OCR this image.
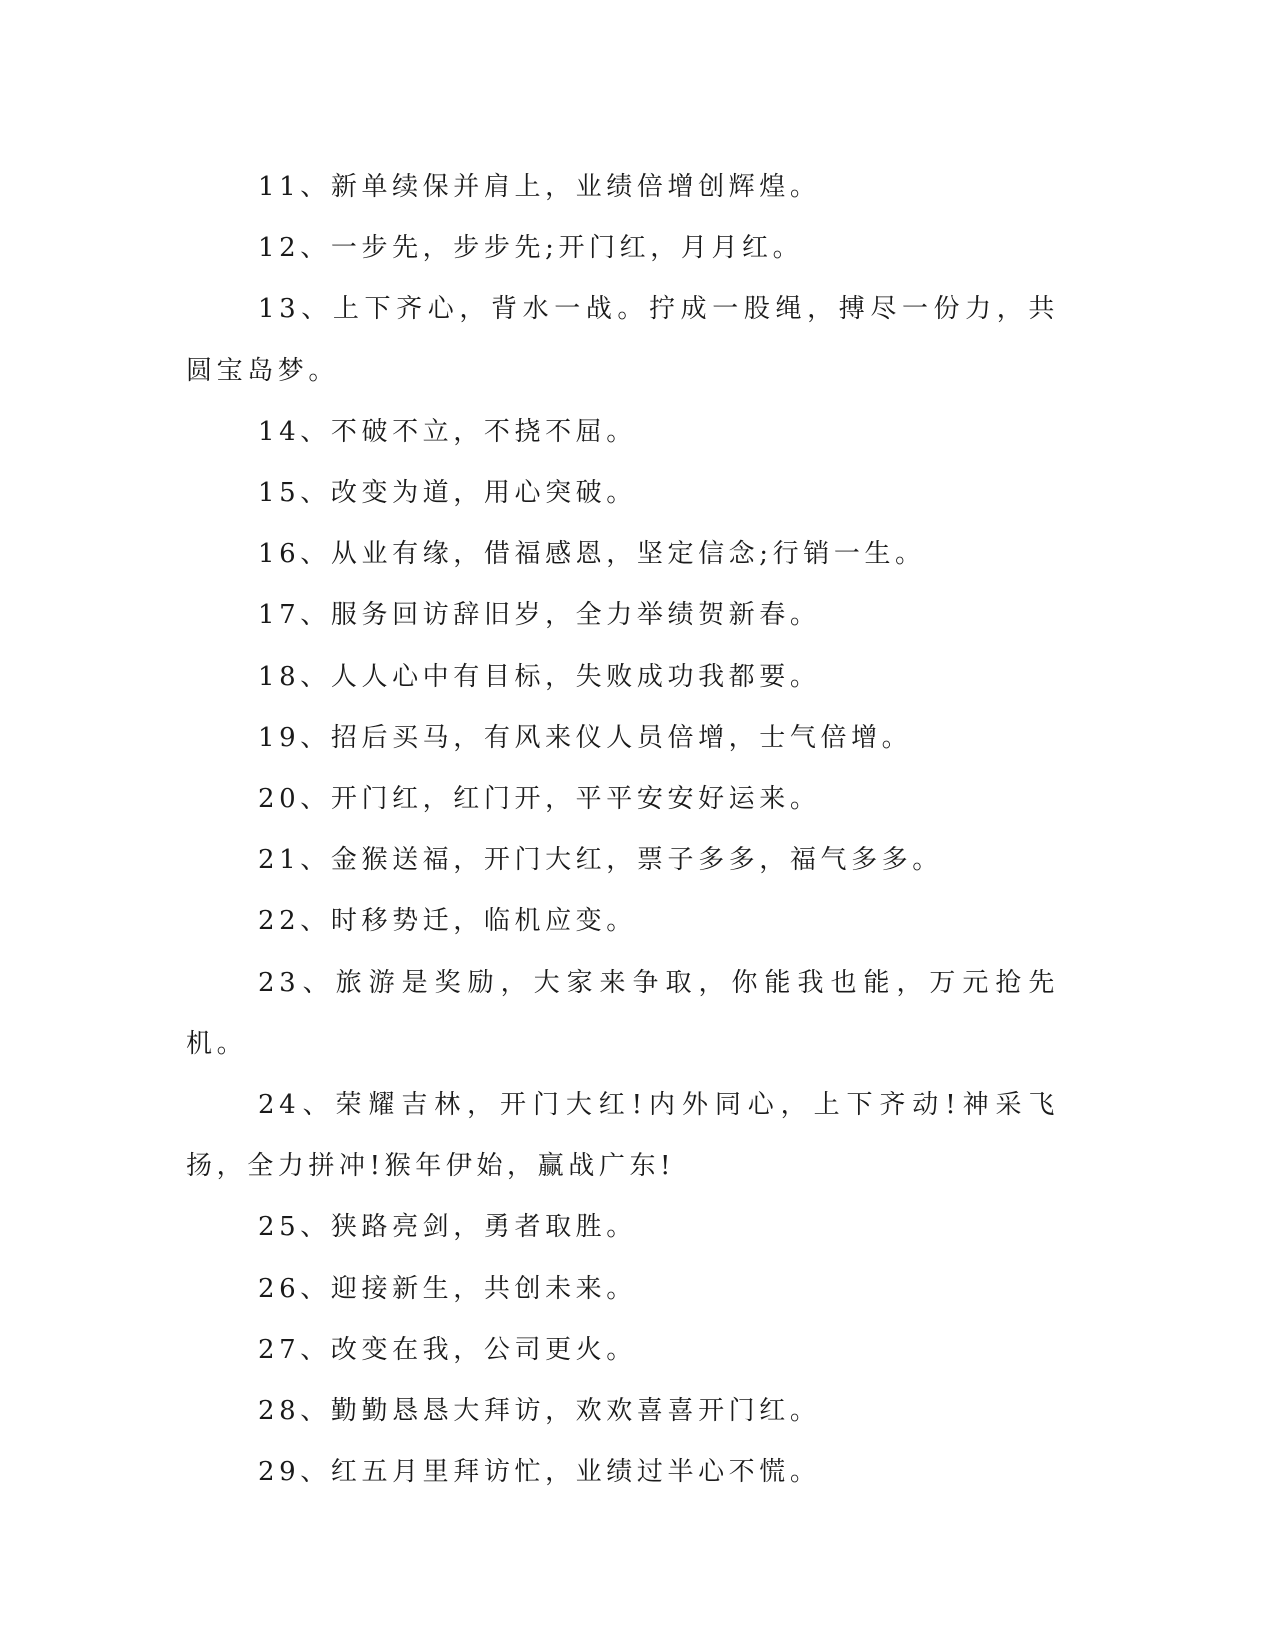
11、新单续保并肩上，业绩倍增创辉煌。

12、一步先，步步先;开门红，月月红。

13、上下齐心，背水一战。拧成一股绳，搏尽一份力，共圆宝岛梦。

14、不破不立，不挠不屈。

15、改变为道，用心突破。

16、从业有缘，借福感恩，坚定信念;行销一生。

17、服务回访辞旧岁，全力举绩贺新春。

18、人人心中有目标，失败成功我都要。

19、招后买马，有风来仪人员倍增，士气倍增。

20、开门红，红门开，平平安安好运来。

21、金猴送福，开门大红，票子多多，福气多多。

22、时移势迁，临机应变。

23、旅游是奖励，大家来争取，你能我也能，万元抢先机。

24、荣耀吉林，开门大红!内外同心，上下齐动!神采飞扬，全力拼冲!猴年伊始，赢战广东!

25、狭路亮剑，勇者取胜。

26、迎接新生，共创未来。

27、改变在我，公司更火。

28、勤勤恳恳大拜访，欢欢喜喜开门红。

29、红五月里拜访忙，业绩过半心不慌。
